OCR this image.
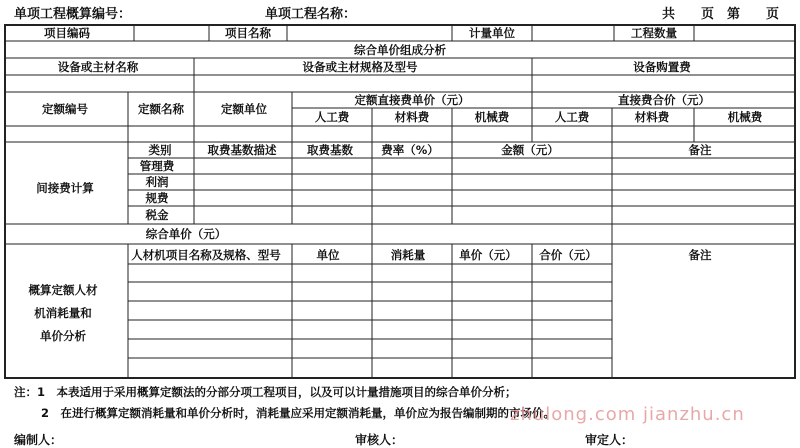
单项工程概算编号：	单项工程名称：	共　　页　第　　页
项目编码	项目名称	计量单位	工程数量
综合单价组成分析
设备或主材名称	设备或主材规格及型号	设备购置费
定额编号	定额名称	定额单位
定额直接费单价（元）	直接费合价（元）
人工费	材料费	机械费	人工费	材料费	机械费
间接费计算
类别	取费基数描述	取费基数 费率（%）	金额（元）	备注
管理费
利润
规费
税金
综合单价（元）
概算定额人材
机消耗量和
单价分析
人材机项目名称及规格、型号	单位	消耗量	单价（元） 合价（元）	备注
注：1　本表适用于采用概算定额法的分部分项工程项目，以及可以计量措施项目的综合单价分析；
2　在进行概算定额消耗量和单价分析时，消耗量应采用定额消耗量，单价应为报告编制期的市场价。
编制人：	审核人：	审定人：
zhulong.com jianzhu.cn
